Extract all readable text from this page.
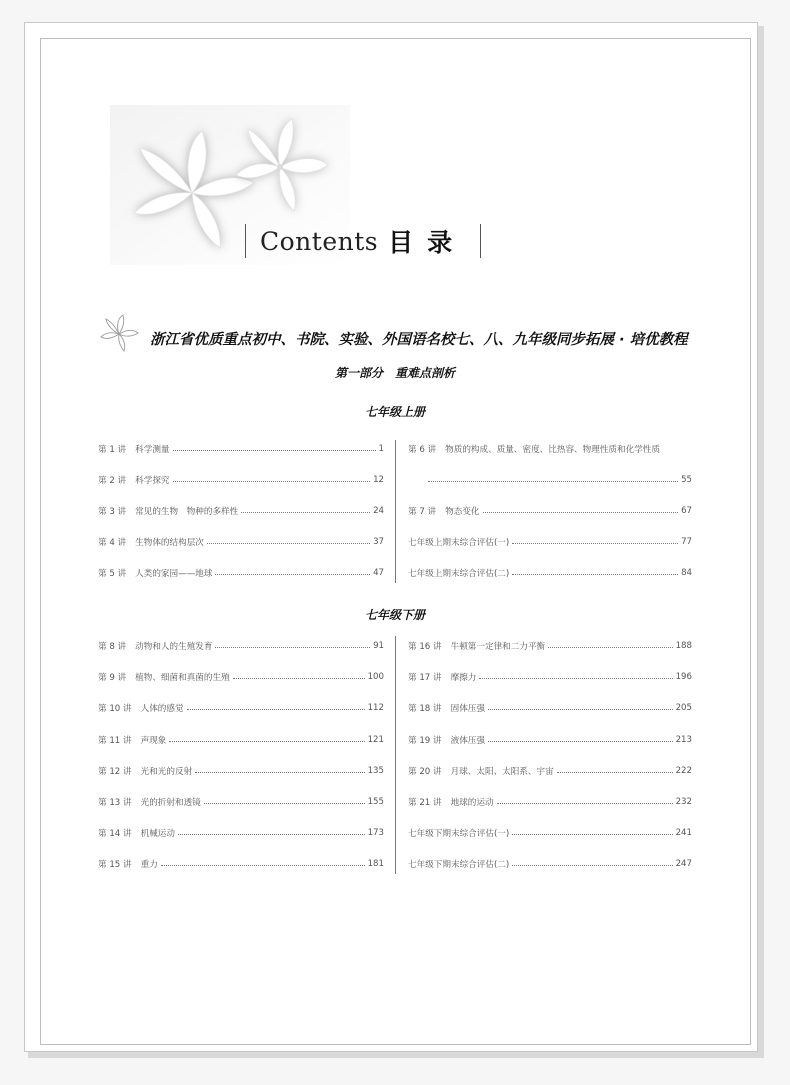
Contents 目录
浙江省优质重点初中、书院、实验、外国语名校七、八、九年级同步拓展 · 培优教程
第一部分　重难点剖析
七年级上册
第 1 讲 科学测量	1
第 2 讲 科学探究	12
第 3 讲 常见的生物　物种的多样性	24
第 4 讲 生物体的结构层次	37
第 5 讲 人类的家园——地球	47
第 6 讲 物质的构成、质量、密度、比热容、物理性质和化学性质
55
第 7 讲 物态变化	67
七年级上期末综合评估(一)	77
七年级上期末综合评估(二)	84
七年级下册
第 8 讲 动物和人的生殖发育	91
第 9 讲 植物、细菌和真菌的生殖	100
第 10 讲 人体的感觉	112
第 11 讲 声现象	121
第 12 讲 光和光的反射	135
第 13 讲 光的折射和透镜	155
第 14 讲 机械运动	173
第 15 讲 重力	181
第 16 讲 牛顿第一定律和二力平衡	188
第 17 讲 摩擦力	196
第 18 讲 固体压强	205
第 19 讲 液体压强	213
第 20 讲 月球、太阳、太阳系、宇宙	222
第 21 讲 地球的运动	232
七年级下期末综合评估(一)	241
七年级下期末综合评估(二)	247
